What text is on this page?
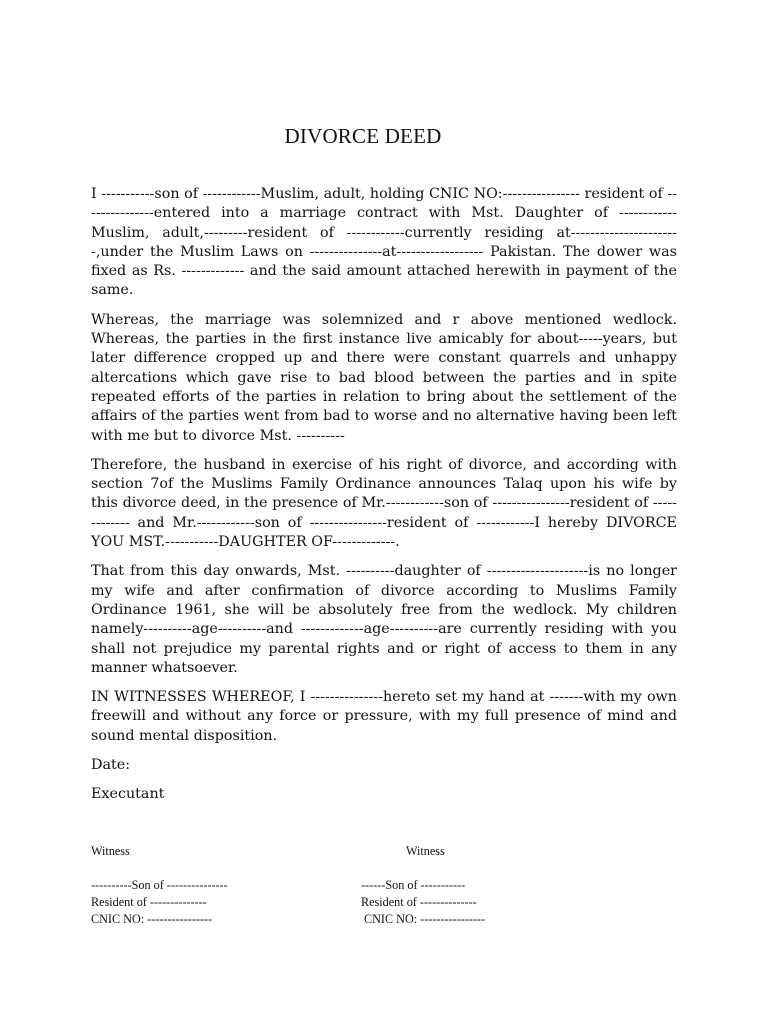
DIVORCE DEED

I -----------son of ------------Muslim, adult, holding CNIC NO:---------------- resident of ---------------entered into a marriage contract with Mst. Daughter of ------------Muslim, adult,---------resident of ------------currently residing at-----------------------,under the Muslim Laws on ---------------at------------------ Pakistan. The dower was fixed as Rs. ------------- and the said amount attached herewith in payment of the same.

Whereas, the marriage was solemnized and r above mentioned wedlock. Whereas, the parties in the first instance live amicably for about-----years, but later difference cropped up and there were constant quarrels and unhappy altercations which gave rise to bad blood between the parties and in spite repeated efforts of the parties in relation to bring about the settlement of the affairs of the parties went from bad to worse and no alternative having been left with me but to divorce Mst. ----------

Therefore, the husband in exercise of his right of divorce, and according with section 7of the Muslims Family Ordinance announces Talaq upon his wife by this divorce deed, in the presence of Mr.------------son of ----------------resident of ------------- and Mr.------------son of ----------------resident of ------------I hereby DIVORCE YOU MST.-----------DAUGHTER OF-------------.

That from this day onwards, Mst. ----------daughter of ---------------------is no longer my wife and after confirmation of divorce according to Muslims Family Ordinance 1961, she will be absolutely free from the wedlock. My children namely----------age----------and -------------age----------are currently residing with you shall not prejudice my parental rights and or right of access to them in any manner whatsoever.

IN WITNESSES WHEREOF, I ---------------hereto set my hand at -------with my own freewill and without any force or pressure, with my full presence of mind and sound mental disposition.

Date:
Executant
Witness
----------Son of ---------------
Resident of --------------
CNIC NO: ----------------
Witness
------Son of -----------
Resident of --------------
CNIC NO: ----------------
